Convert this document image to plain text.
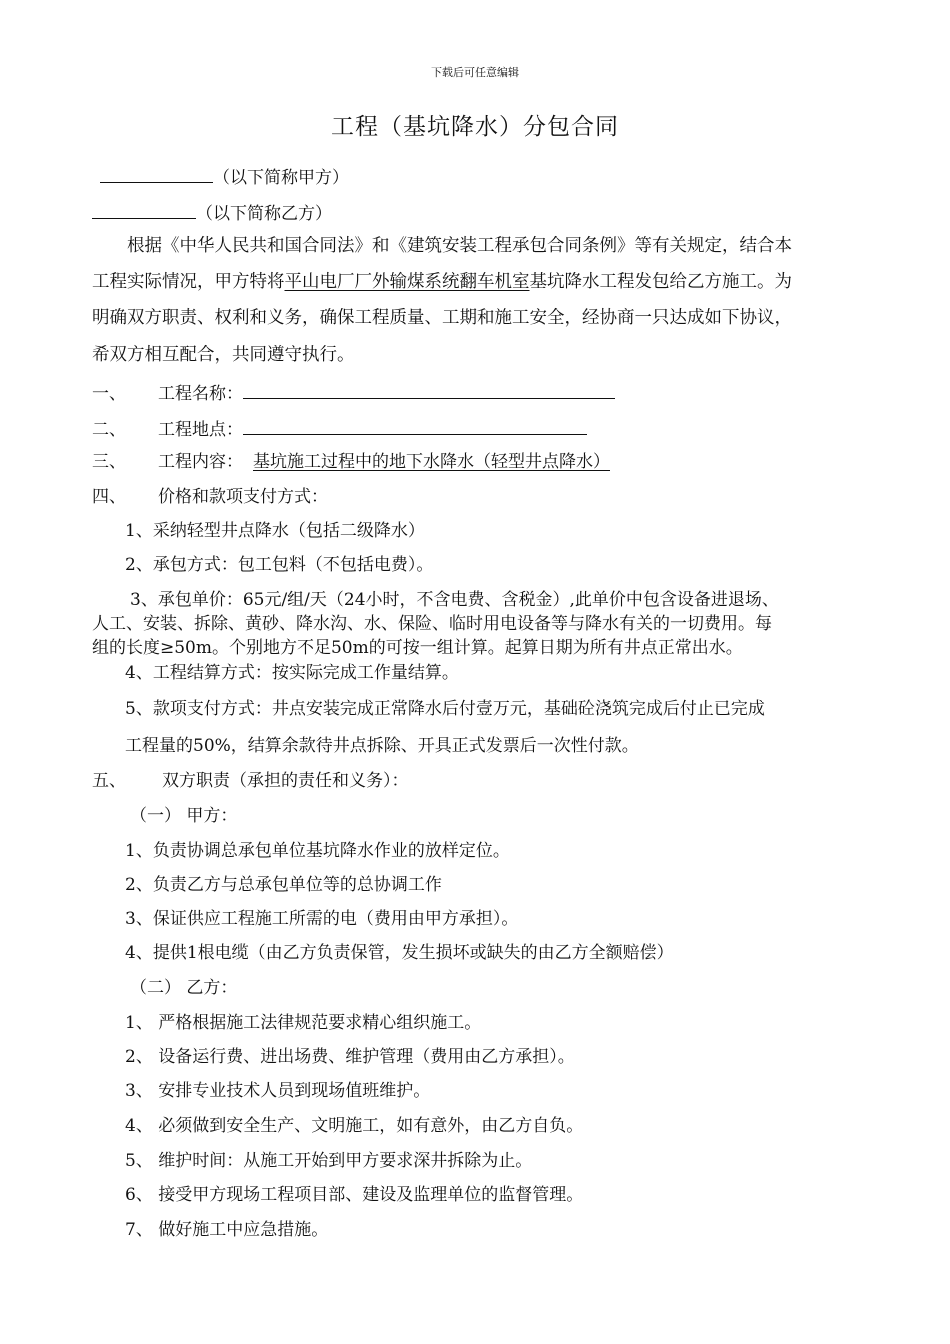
下载后可任意编辑
工程（基坑降水）分包合同
（以下简称甲方）
（以下简称乙方）
根据《中华人民共和国合同法》和《建筑安装工程承包合同条例》等有关规定，结合本
工程实际情况，甲方特将平山电厂厂外输煤系统翻车机室基坑降水工程发包给乙方施工。为
明确双方职责、权利和义务，确保工程质量、工期和施工安全，经协商一只达成如下协议，
希双方相互配合，共同遵守执行。
一、 工程名称：
二、 工程地点：
三、 工程内容： 基坑施工过程中的地下水降水（轻型井点降水）
四、 价格和款项支付方式：
1、采纳轻型井点降水（包括二级降水）
2、承包方式：包工包料（不包括电费）。
3、承包单价：65元/组/天（24小时，不含电费、含税金）,此单价中包含设备进退场、
人工、安装、拆除、黄砂、降水沟、水、保险、临时用电设备等与降水有关的一切费用。每
组的长度≥50m。个别地方不足50m的可按一组计算。起算日期为所有井点正常出水。
4、工程结算方式：按实际完成工作量结算。
5、款项支付方式：井点安装完成正常降水后付壹万元，基础砼浇筑完成后付止已完成
工程量的50%，结算余款待井点拆除、开具正式发票后一次性付款。
五、 双方职责（承担的责任和义务）：
（一） 甲方：
1、负责协调总承包单位基坑降水作业的放样定位。
2、负责乙方与总承包单位等的总协调工作
3、保证供应工程施工所需的电（费用由甲方承担）。
4、提供1根电缆（由乙方负责保管，发生损坏或缺失的由乙方全额赔偿）
（二） 乙方：
1、 严格根据施工法律规范要求精心组织施工。
2、 设备运行费、进出场费、维护管理（费用由乙方承担）。
3、 安排专业技术人员到现场值班维护。
4、 必须做到安全生产、文明施工，如有意外，由乙方自负。
5、 维护时间：从施工开始到甲方要求深井拆除为止。
6、 接受甲方现场工程项目部、建设及监理单位的监督管理。
7、 做好施工中应急措施。
